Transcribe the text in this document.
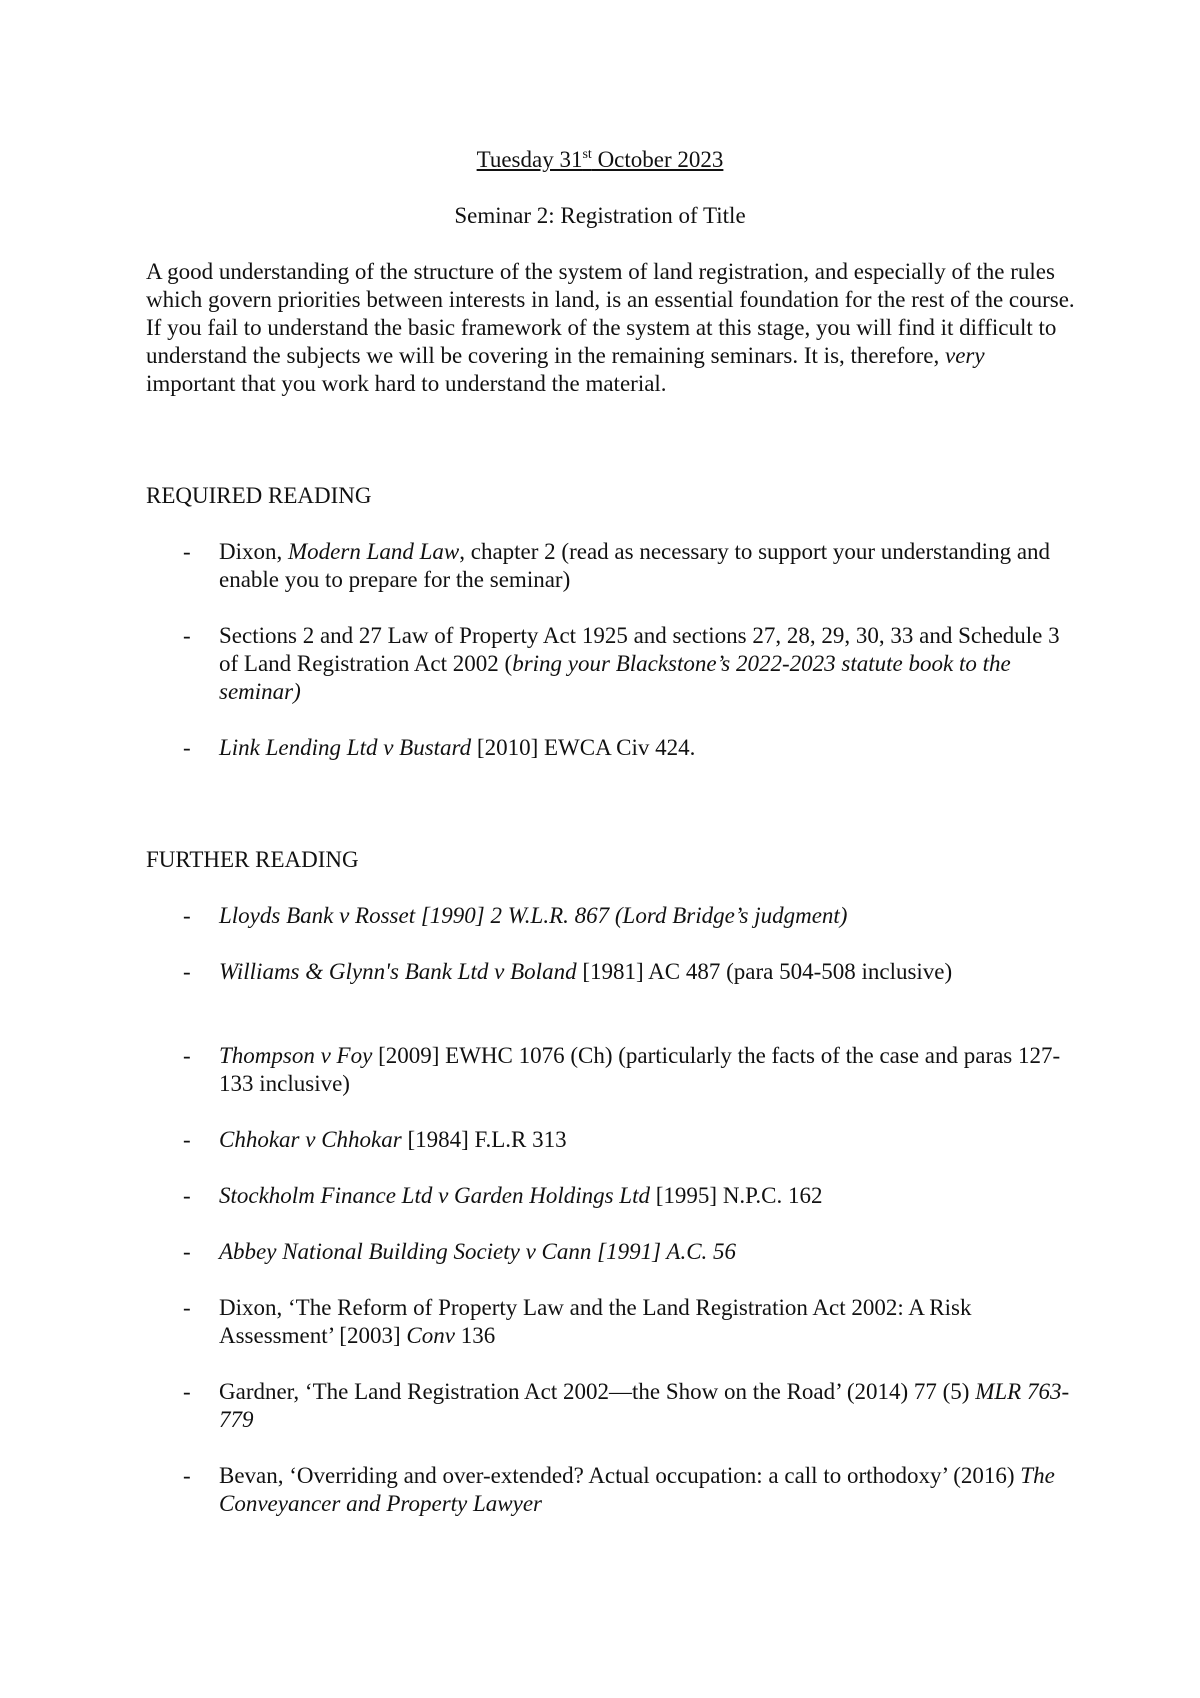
Tuesday 31st October 2023
Seminar 2: Registration of Title

A good understanding of the structure of the system of land registration, and especially of the rules which govern priorities between interests in land, is an essential foundation for the rest of the course. If you fail to understand the basic framework of the system at this stage, you will find it difficult to understand the subjects we will be covering in the remaining seminars. It is, therefore, very important that you work hard to understand the material.

REQUIRED READING
- Dixon, Modern Land Law, chapter 2 (read as necessary to support your understanding and enable you to prepare for the seminar)
- Sections 2 and 27 Law of Property Act 1925 and sections 27, 28, 29, 30, 33 and Schedule 3 of Land Registration Act 2002 (bring your Blackstone’s 2022-2023 statute book to the seminar)
- Link Lending Ltd v Bustard [2010] EWCA Civ 424.
FURTHER READING
- Lloyds Bank v Rosset [1990] 2 W.L.R. 867 (Lord Bridge’s judgment)
- Williams & Glynn's Bank Ltd v Boland [1981] AC 487 (para 504-508 inclusive)
- Thompson v Foy [2009] EWHC 1076 (Ch) (particularly the facts of the case and paras 127-133 inclusive)
- Chhokar v Chhokar [1984] F.L.R 313
- Stockholm Finance Ltd v Garden Holdings Ltd [1995] N.P.C. 162
- Abbey National Building Society v Cann [1991] A.C. 56
- Dixon, ‘The Reform of Property Law and the Land Registration Act 2002: A Risk Assessment’ [2003] Conv 136
- Gardner, ‘The Land Registration Act 2002—the Show on the Road’ (2014) 77 (5) MLR 763-779
- Bevan, ‘Overriding and over-extended? Actual occupation: a call to orthodoxy’ (2016) The Conveyancer and Property Lawyer
